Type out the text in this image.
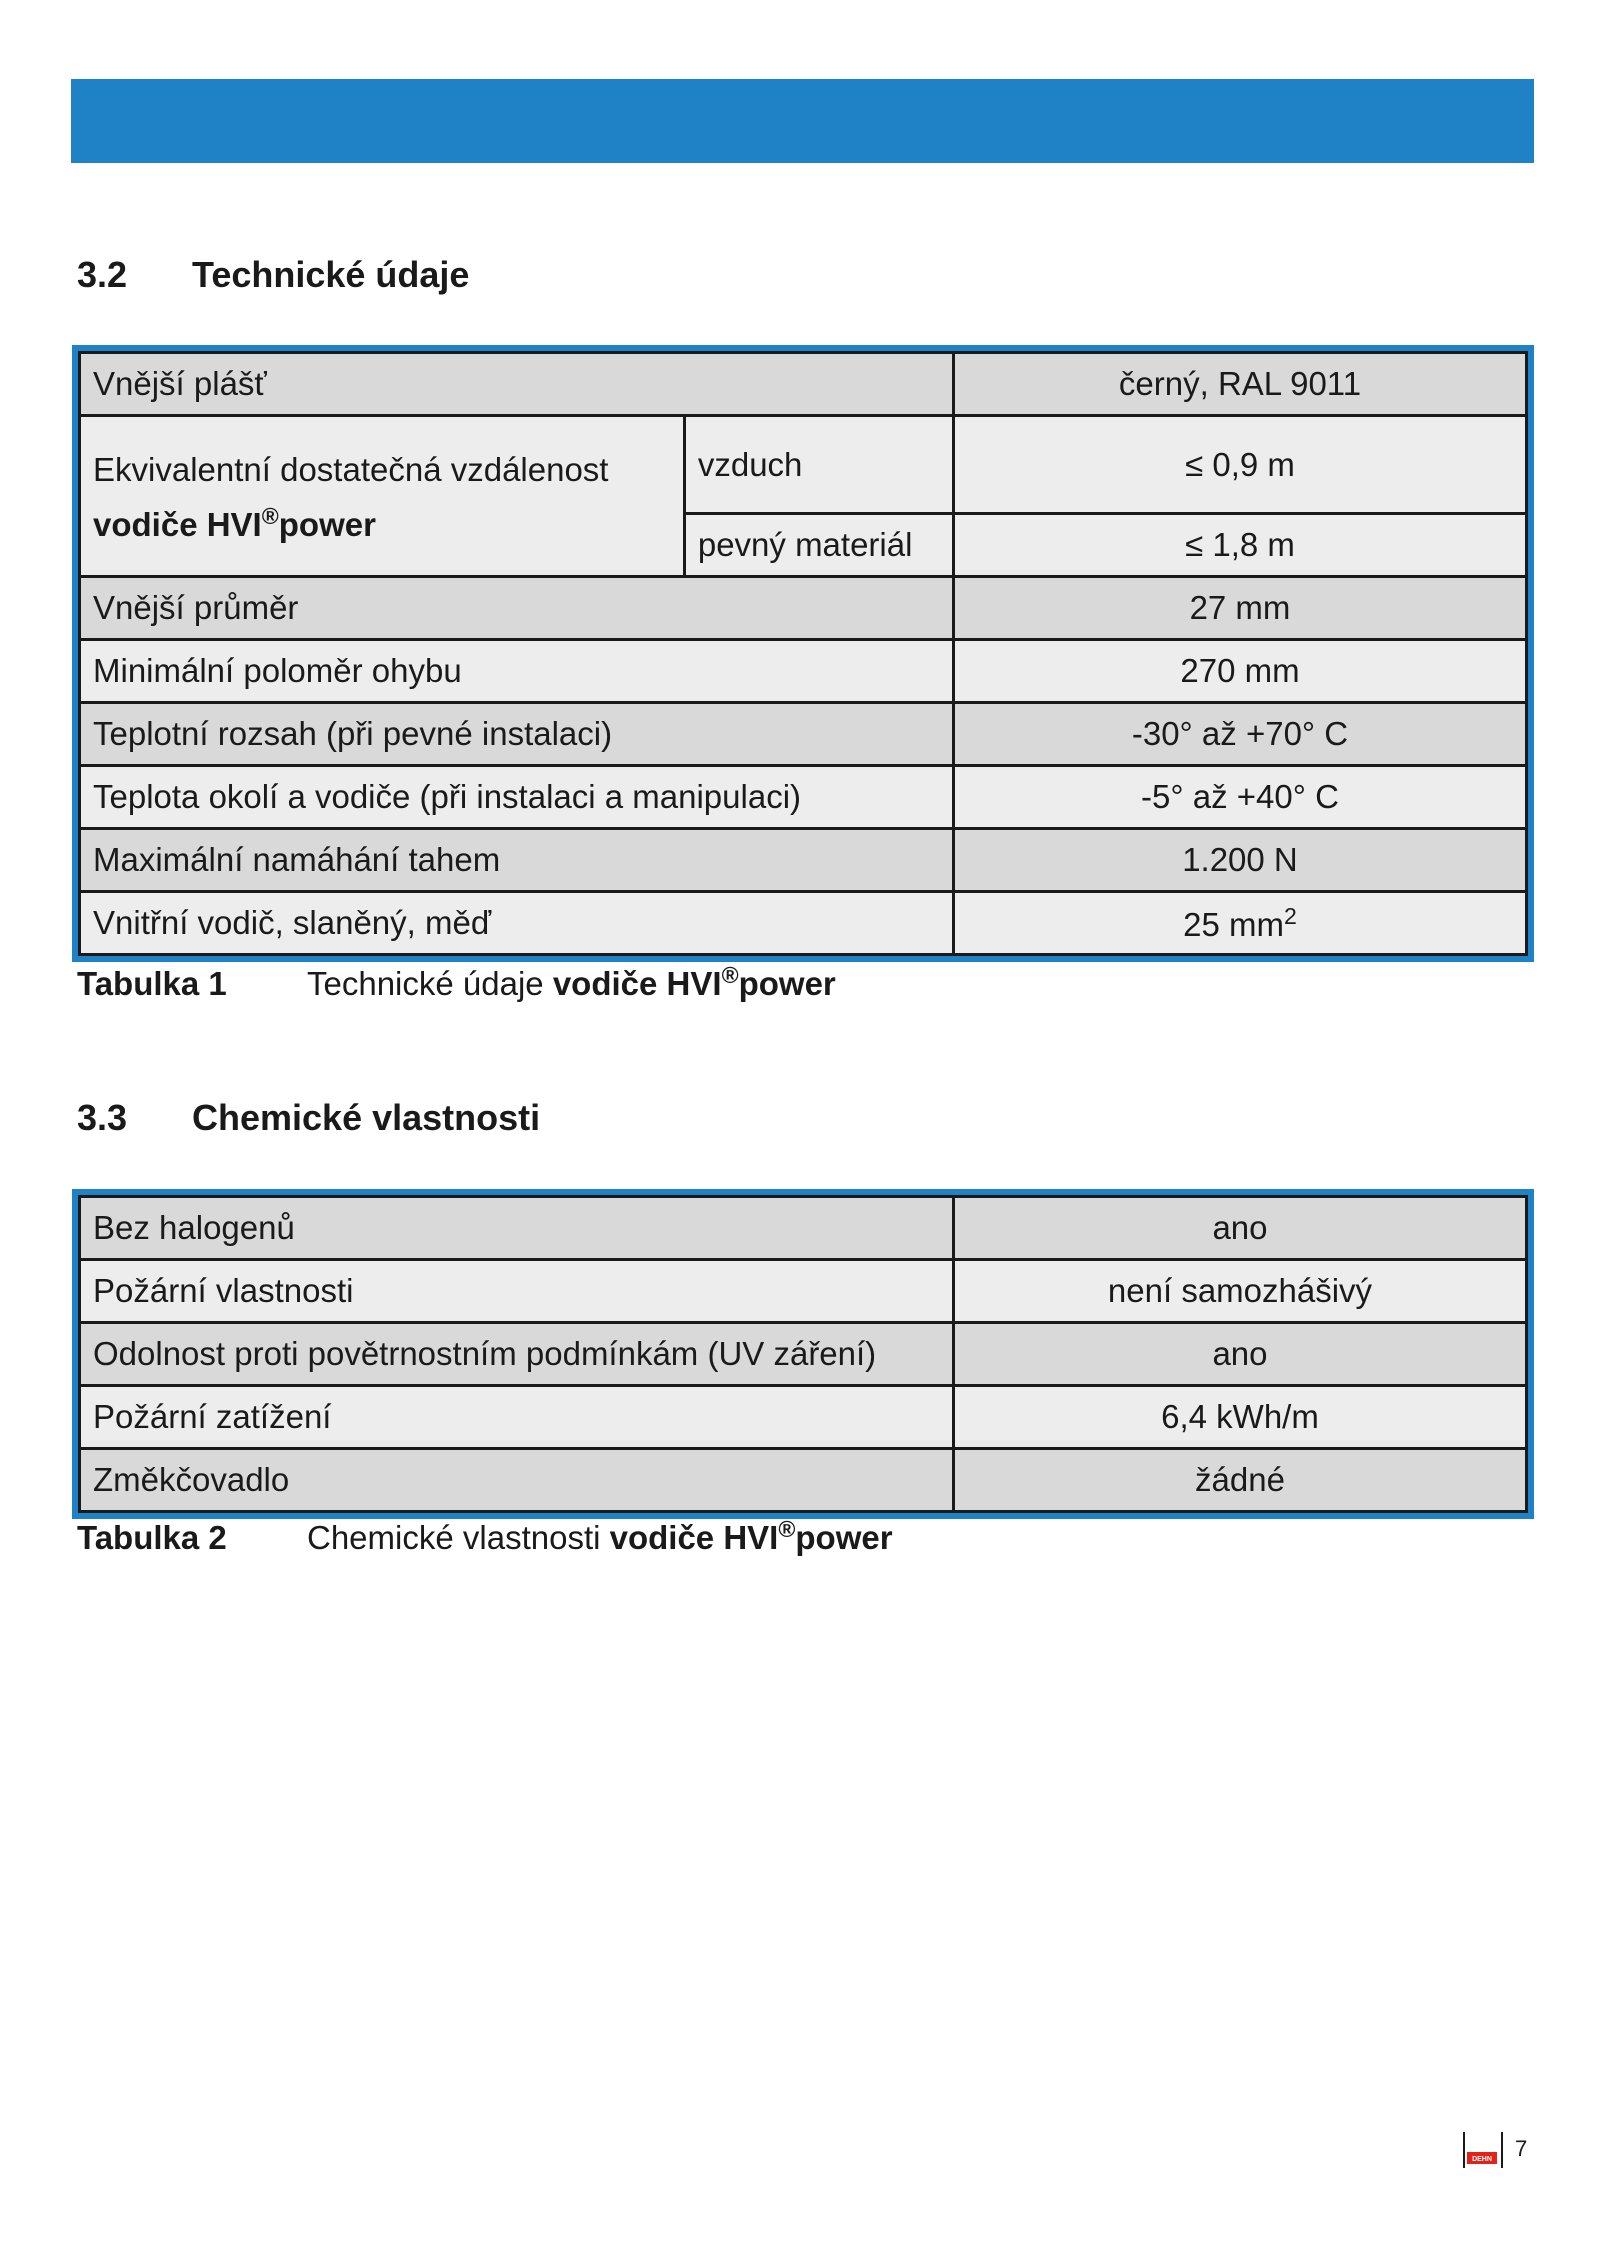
3.2 Technické údaje
Vnější plášť		černý, RAL 9011
Ekvivalentní dostatečná vzdálenost
vodiče HVI®power	vzduch	≤ 0,9 m
	pevný materiál	≤ 1,8 m
Vnější průměr		27 mm
Minimální poloměr ohybu		270 mm
Teplotní rozsah (při pevné instalaci)		-30° až +70° C
Teplota okolí a vodiče (při instalaci a manipulaci)		-5° až +40° C
Maximální namáhání tahem		1.200 N
Vnitřní vodič, slaněný, měď		25 $mm^2$
Tabulka 1 Technické údaje vodiče HVI®power
3.3 Chemické vlastnosti
Bez halogenů	ano
Požární vlastnosti	není samozhášivý
Odolnost proti povětrnostním podmínkám (UV záření)	ano
Požární zatížení	6,4 kWh/m
Změkčovadlo	žádné
Tabulka 2 Chemické vlastnosti vodiče HVI®power
DEHN 7
